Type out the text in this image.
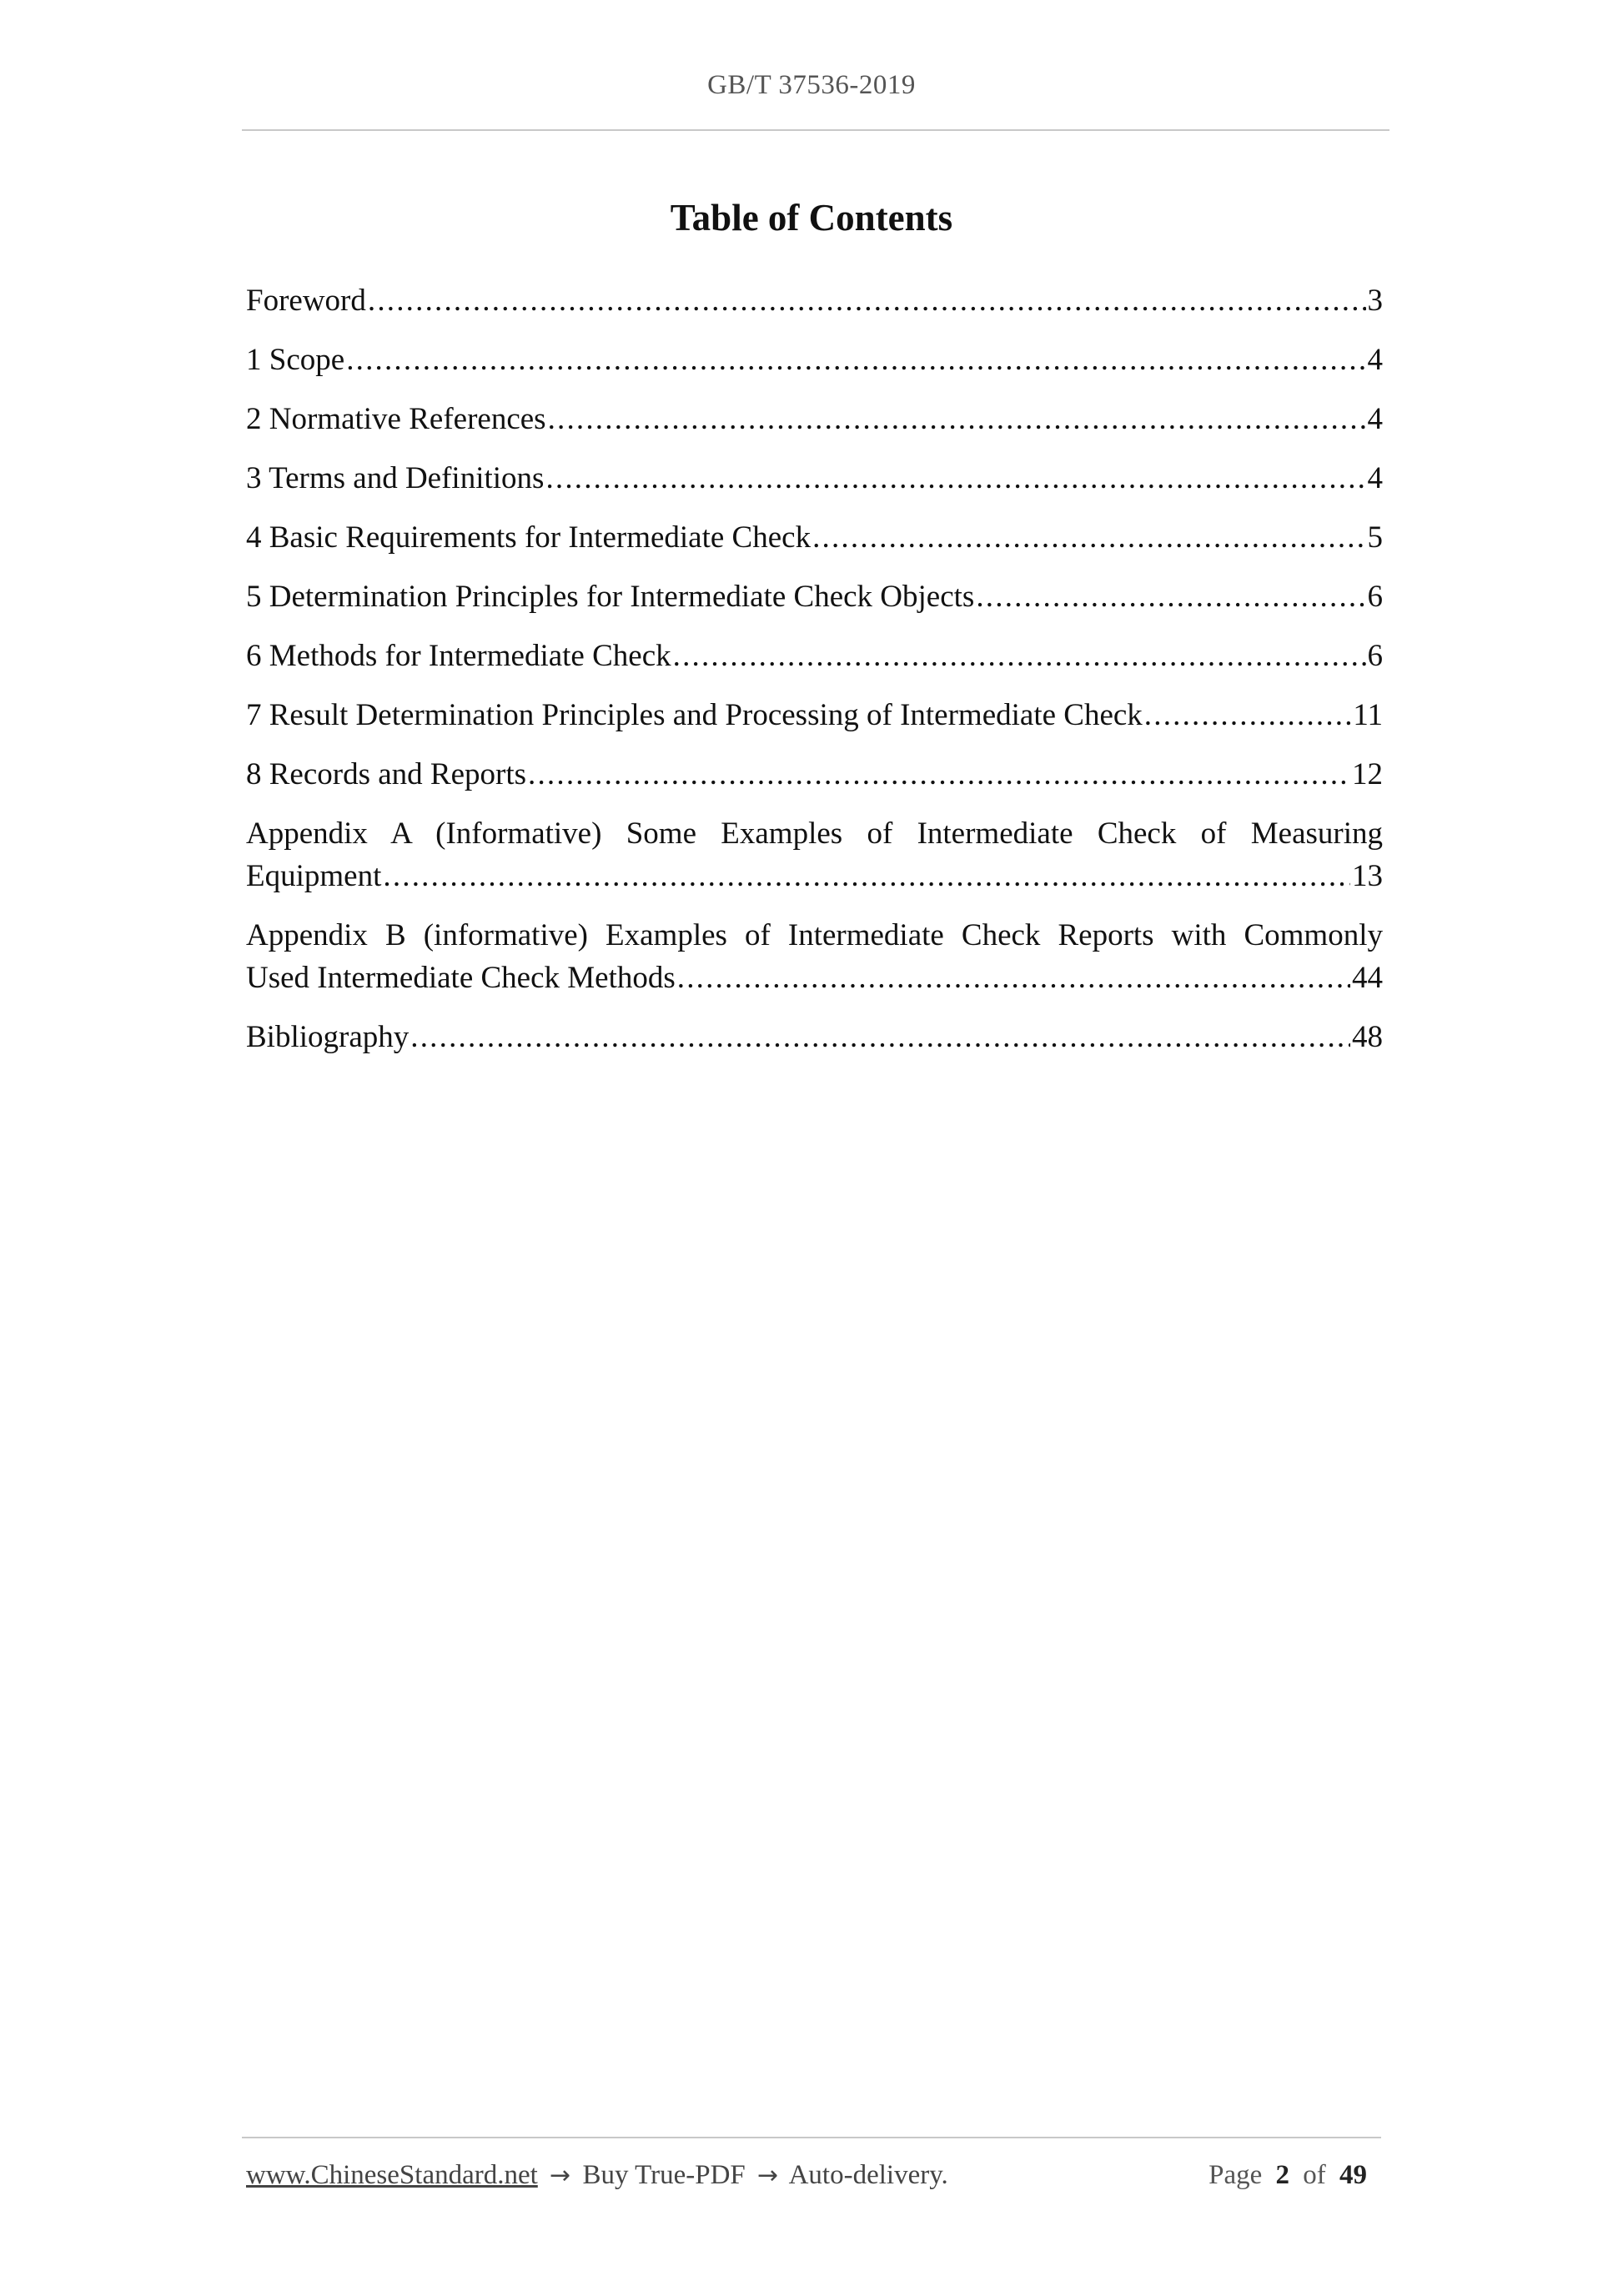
GB/T 37536-2019
Table of Contents
Foreword .....	3
1 Scope .....	4
2 Normative References .....	4
3 Terms and Definitions .....	4
4 Basic Requirements for Intermediate Check .....	5
5 Determination Principles for Intermediate Check Objects .....	6
6 Methods for Intermediate Check .....	6
7 Result Determination Principles and Processing of Intermediate Check .....	11
8 Records and Reports .....	12
Appendix A (Informative) Some Examples of Intermediate Check of Measuring
Equipment .....	13
Appendix B (informative) Examples of Intermediate Check Reports with Commonly
Used Intermediate Check Methods .....	44
Bibliography .....	48
www.ChineseStandard.net → Buy True-PDF → Auto-delivery.	Page 2 of 49
